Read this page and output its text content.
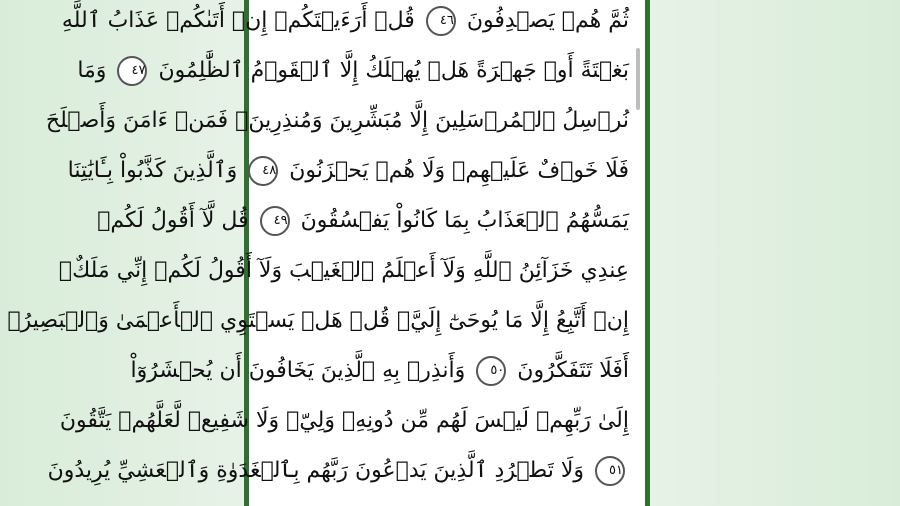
ثُمَّ هُمۡ يَصۡدِفُونَ ٤٦ قُلۡ أَرَءَيۡتَكُمۡ إِنۡ أَتَىٰكُمۡ عَذَابُ ٱللَّهِ
بَغۡتَةً أَوۡ جَهۡرَةً هَلۡ يُهۡلَكُ إِلَّا ٱلۡقَوۡمُ ٱلظَّٰلِمُونَ ٤٧ وَمَا
نُرۡسِلُ ٱلۡمُرۡسَلِينَ إِلَّا مُبَشِّرِينَ وَمُنذِرِينَۖ فَمَنۡ ءَامَنَ وَأَصۡلَحَ
فَلَا خَوۡفٌ عَلَيۡهِمۡ وَلَا هُمۡ يَحۡزَنُونَ ٤٨ وَٱلَّذِينَ كَذَّبُواْ بِـَٔايَٰتِنَا
يَمَسُّهُمُ ٱلۡعَذَابُ بِمَا كَانُواْ يَفۡسُقُونَ ٤٩ قُل لَّآ أَقُولُ لَكُمۡ
عِندِي خَزَآئِنُ ٱللَّهِ وَلَآ أَعۡلَمُ ٱلۡغَيۡبَ وَلَآ أَقُولُ لَكُمۡ إِنِّي مَلَكٌۖ
إِنۡ أَتَّبِعُ إِلَّا مَا يُوحَىٰٓ إِلَيَّۚ قُلۡ هَلۡ يَسۡتَوِي ٱلۡأَعۡمَىٰ وَٱلۡبَصِيرُۚ
أَفَلَا تَتَفَكَّرُونَ ٥٠ وَأَنذِرۡ بِهِ ٱلَّذِينَ يَخَافُونَ أَن يُحۡشَرُوٓاْ
إِلَىٰ رَبِّهِمۡ لَيۡسَ لَهُم مِّن دُونِهِۦ وَلِيّٞ وَلَا شَفِيعٞ لَّعَلَّهُمۡ يَتَّقُونَ
٥١ وَلَا تَطۡرُدِ ٱلَّذِينَ يَدۡعُونَ رَبَّهُم بِٱلۡغَدَوٰةِ وَٱلۡعَشِيِّ يُرِيدُونَ
